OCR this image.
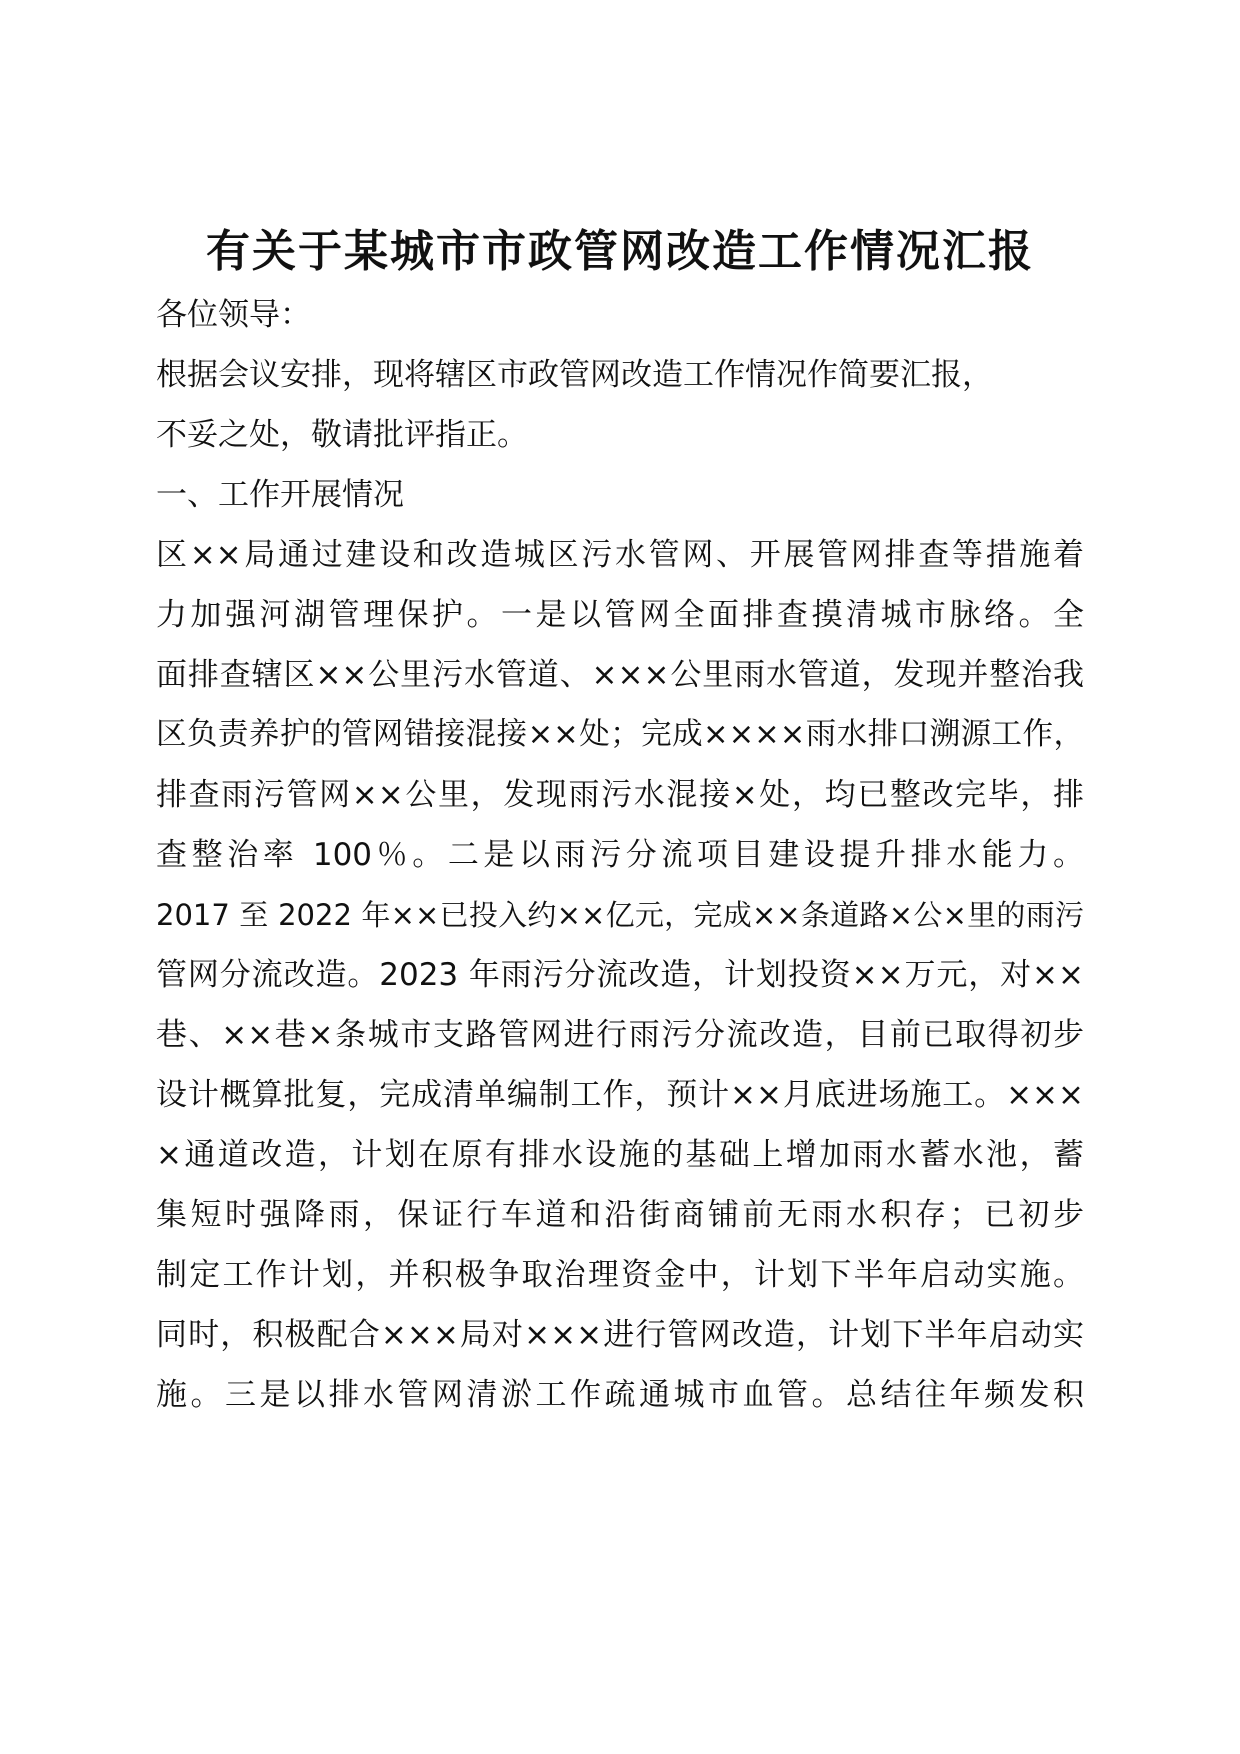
有关于某城市市政管网改造工作情况汇报

各位领导：

根据会议安排，现将辖区市政管网改造工作情况作简要汇报，

不妥之处，敬请批评指正。

一、工作开展情况

区××局通过建设和改造城区污水管网、开展管网排查等措施着

力加强河湖管理保护。一是以管网全面排查摸清城市脉络。全

面排查辖区××公里污水管道、×××公里雨水管道，发现并整治我

区负责养护的管网错接混接××处；完成××××雨水排口溯源工作，

排查雨污管网××公里，发现雨污水混接×处，均已整改完毕，排

查整治率 100％。二是以雨污分流项目建设提升排水能力。

2017 至 2022 年××已投入约××亿元，完成××条道路×公×里的雨污

管网分流改造。2023 年雨污分流改造，计划投资××万元，对××

巷、××巷×条城市支路管网进行雨污分流改造，目前已取得初步

设计概算批复，完成清单编制工作，预计××月底进场施工。×××

×通道改造，计划在原有排水设施的基础上增加雨水蓄水池，蓄

集短时强降雨，保证行车道和沿街商铺前无雨水积存；已初步

制定工作计划，并积极争取治理资金中，计划下半年启动实施。

同时，积极配合×××局对×××进行管网改造，计划下半年启动实

施。三是以排水管网清淤工作疏通城市血管。总结往年频发积
